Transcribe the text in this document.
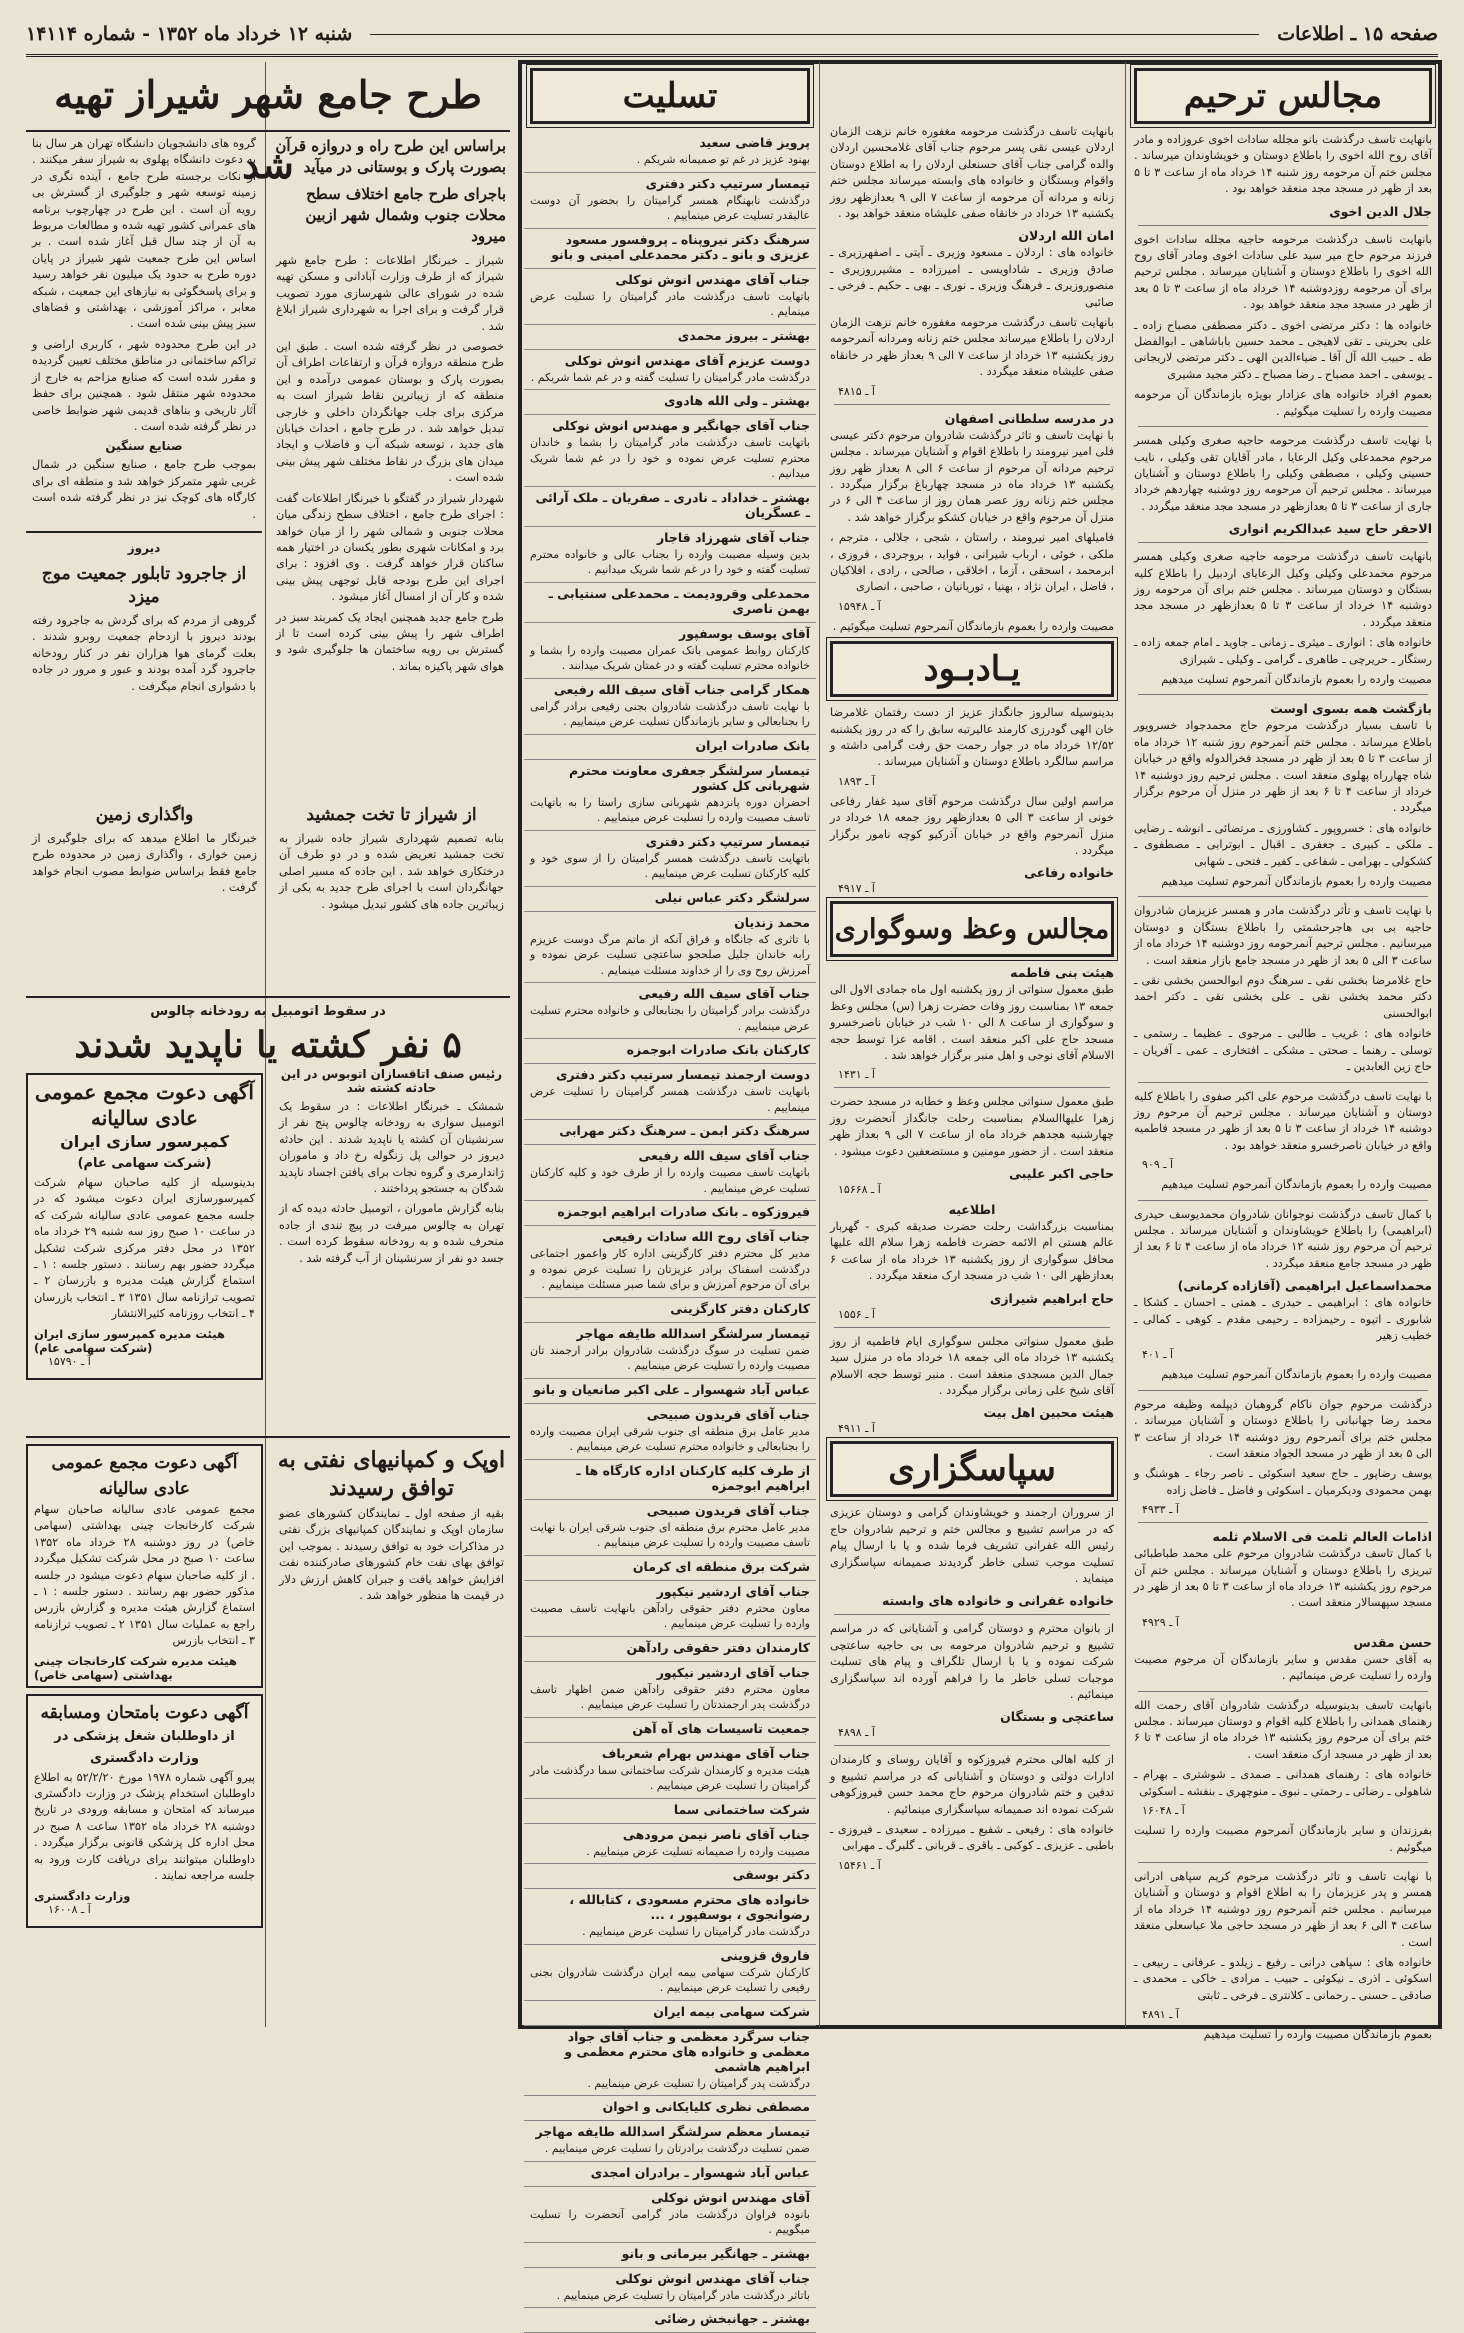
صفحه ۱۵ ـ اطلاعات
شنبه ۱۲ خرداد ماه ۱۳۵۲ - شماره ۱۴۱۱۴
مجالس ترحیم

بانهایت تاسف درگذشت بانو مجلله سادات اخوی عروزاده و مادر آقای روح الله اخوی را باطلاع دوستان و خویشاوندان میرساند . مجلس ختم آن مرحومه روز شنبه ۱۴ خرداد ماه از ساعت ۳ تا ۵ بعد از ظهر در مسجد مجد منعقد خواهد بود .

جلال الدین اخوی

بانهایت تاسف درگذشت مرحومه حاجیه مجلله سادات اخوی فرزند مرحوم حاج میر سید علی سادات اخوی ومادر آقای روح الله اخوی را باطلاع دوستان و آشنایان میرساند . مجلس ترحیم برای آن مرحومه روزدوشنبه ۱۴ خرداد ماه از ساعت ۳ تا ۵ بعد از ظهر در مسجد مجد منعقد خواهد بود .

خانواده ها : دکتر مرتضی اخوی ـ دکتر مصطفی مصباح زاده ـ علی بحرینی ـ تقی لاهیجی ـ محمد حسین باباشاهی ـ ابوالفضل طه ـ حبیب الله آل آقا ـ ضیاءالدین الهی ـ دکتر مرتضی لاریجانی ـ یوسفی ـ احمد مصباح ـ رضا مصباح ـ دکتر مجید مشیری

بعموم افراد خانواده های عزادار بویژه بازماندگان آن مرحومه مصیبت وارده را تسلیت میگوئیم .

با نهایت تاسف درگذشت مرحومه حاجیه صغری وکیلی همسر مرحوم محمدعلی وکیل الرعایا ، مادر آقایان تقی وکیلی ، نایب حسینی وکیلی ، مصطفی وکیلی را باطلاع دوستان و آشنایان میرساند . مجلس ترحیم آن مرحومه روز دوشنبه چهاردهم خرداد جاری از ساعت ۳ تا ۵ بعدازظهر در مسجد مجد منعقد میگردد .

الاحقر حاج سید عبدالکریم انواری

بانهایت تاسف درگذشت مرحومه حاجیه صغری وکیلی همسر مرحوم محمدعلی وکیلی وکیل الرعایای اردبیل را باطلاع کلیه بستگان و دوستان میرساند . مجلس ختم برای آن مرحومه روز دوشنبه ۱۴ خرداد از ساعت ۳ تا ۵ بعدازظهر در مسجد مجد منعقد میگردد .

خانواده های : انواری ـ میثری ـ زمانی ـ جاوید ـ امام جمعه زاده ـ رستگار ـ حریرچی ـ طاهری ـ گرامی ـ وکیلی ـ شیرازی

مصیبت وارده را بعموم بازماندگان آنمرحوم تسلیت میدهیم

بازگشت همه بسوی اوست

با تاسف بسیار درگذشت مرحوم حاج محمدجواد خسروپور باطلاع میرساند . مجلس ختم آنمرحوم روز شنبه ۱۲ خرداد ماه از ساعت ۳ تا ۵ بعد از ظهر در مسجد فخرالدوله واقع در خیابان شاه چهارراه پهلوی منعقد است . مجلس ترحیم روز دوشنبه ۱۴ خرداد از ساعت ۴ تا ۶ بعد از ظهر در منزل آن مرحوم برگزار میگردد .

خانواده های : خسروپور ـ کشاورزی ـ مرتضائی ـ انوشه ـ رضایی ـ ملکی ـ کبیری ـ جعفری ـ اقبال ـ ابوترابی ـ مصطفوی ـ کشکولی ـ بهرامی ـ شفاعی ـ کفیر ـ فتحی ـ شهابی

مصیبت وارده را بعموم بازماندگان آنمرحوم تسلیت میدهیم

با نهایت تاسف و تأثر درگذشت مادر و همسر عزیزمان شادروان حاجیه بی بی هاجرحشمتی را باطلاع بستگان و دوستان میرسانیم . مجلس ترحیم آنمرحومه روز دوشنبه ۱۴ خرداد ماه از ساعت ۳ الی ۵ بعد از ظهر در مسجد جامع بازار منعقد است .

حاج غلامرضا بخشی نقی ـ سرهنگ دوم ابوالحسن بخشی نقی ـ دکتر محمد بخشی نقی ـ علی بخشی نقی ـ دکتر احمد ابوالحسنی

خانواده های : غریب ـ طالبی ـ مرجوی ـ عظیما ـ رستمی ـ توسلی ـ رهنما ـ صحتی ـ مشکی ـ افتخاری ـ عمی ـ آفریان ـ حاج زین العابدین ـ

با نهایت تاسف درگذشت مرحوم علی اکبر صفوی را باطلاع کلیه دوستان و آشنایان میرساند . مجلس ترحیم آن مرحوم روز دوشنبه ۱۴ خرداد از ساعت ۳ تا ۵ بعد از ظهر در مسجد فاطمیه واقع در خیابان ناصرخسرو منعقد خواهد بود .

آ ـ ۹۰۹

مصیبت وارده را بعموم بازماندگان آنمرحوم تسلیت میدهیم

با کمال تاسف درگذشت نوجوانان شادروان محمدیوسف حیدری (ابراهیمی) را باطلاع خویشاوندان و آشنایان میرساند . مجلس ترحیم آن مرحوم روز شنبه ۱۲ خرداد ماه از ساعت ۴ تا ۶ بعد از ظهر در مسجد جامع منعقد میگردد .

محمداسماعیل ابراهیمی (آقازاده کرمانی)

خانواده های : ابراهیمی ـ حیدری ـ همتی ـ احسان ـ کشکا ـ شابوری ـ اتیوه ـ رحیمزاده ـ رحیمی مقدم ـ کوهی ـ کمالی ـ خطیب زهیر

آ ـ ۴۰۱

مصیبت وارده را بعموم بازماندگان آنمرحوم تسلیت میدهیم

درگذشت مرحوم جوان ناکام گروهبان دیپلمه وظیفه مرحوم محمد رضا جهانبانی را باطلاع دوستان و آشنایان میرساند . مجلس ختم برای آنمرحوم روز دوشنبه ۱۴ خرداد از ساعت ۳ الی ۵ بعد از ظهر در مسجد الجواد منعقد است .

یوسف رضاپور ـ حاج سعید اسکوئی ـ ناصر رجاء ـ هوشنگ و بهمن محمودی ودیکرمیان ـ اسکوئی و فاضل ـ فاضل زاده

آ ـ ۴۹۳۳
اذامات العالم ثلمت فی الاسلام ثلمه

با کمال تاسف درگذشت شادروان مرحوم علی محمد طباطبائی تبریزی را باطلاع دوستان و آشنایان میرساند . مجلس ختم آن مرحوم روز یکشنبه ۱۳ خرداد ماه از ساعت ۳ تا ۵ بعد از ظهر در مسجد سپهسالار منعقد است .

آ ـ ۴۹۲۹
حسن مقدس

به آقای حسن مقدس و سایر بازماندگان آن مرحوم مصیبت وارده را تسلیت عرض مینمائیم .

بانهایت تاسف بدینوسیله درگذشت شادروان آقای رحمت الله رهنمای همدانی را باطلاع کلیه اقوام و دوستان میرساند . مجلس ختم برای آن مرحوم روز یکشنبه ۱۳ خرداد ماه از ساعت ۴ تا ۶ بعد از ظهر در مسجد ارک منعقد است .

خانواده های : رهنمای همدانی ـ صمدی ـ شوشتری ـ بهرام ـ شاهولی ـ رضائی ـ رحمتی ـ نبوی ـ منوچهری ـ بنفشه ـ اسکوئی

آ ـ ۱۶۰۴۸

بفرزندان و سایر بازماندگان آنمرحوم مصیبت وارده را تسلیت میگوئیم .

با نهایت تاسف و تاثر درگذشت مرحوم کریم سپاهی ادرانی همسر و پدر عزیزمان را به اطلاع اقوام و دوستان و آشنایان میرسانیم . مجلس ختم آنمرحوم روز دوشنبه ۱۴ خرداد ماه از ساعت ۴ الی ۶ بعد از ظهر در مسجد حاجی ملا عباسعلی منعقد است .

خانواده های : سپاهی درانی ـ رفیع ـ زیلدو ـ عرفانی ـ ربیعی ـ اسکوئی ـ اذری ـ نیکوئی ـ حبیب ـ مرادی ـ خاکی ـ محمدی ـ صادقی ـ حسنی ـ رحمانی ـ کلانتری ـ فرخی ـ ثابتی

آ ـ ۴۸۹۱

بعموم بازماندگان مصیبت وارده را تسلیت میدهیم

بانهایت تاسف درگذشت مرحومه مغفوره خانم نزهت الزمان اردلان عیسی نقی پسر مرحوم جناب آقای غلامحسین اردلان والده گرامی جناب آقای حسنعلی اردلان را به اطلاع دوستان واقوام وبستگان و خانواده های وابسته میرساند مجلس ختم زنانه و مردانه آن مرحومه از ساعت ۷ الی ۹ بعدازظهر روز یکشنبه ۱۳ خرداد در خانقاه صفی علیشاه منعقد خواهد بود .

امان الله اردلان

خانواده های : اردلان ـ مسعود وزیری ـ آیتی ـ اصفهرزیری ـ صادق وزیری ـ شاداویسی ـ امیرزاده ـ مشیرروزیری ـ منصوروزیری ـ فرهنگ وزیری ـ نوری ـ بهی ـ حکیم ـ فرخی ـ صائبی

بانهایت تاسف درگذشت مرحومه مغفوره خانم نزهت الزمان اردلان را باطلاع میرساند مجلس ختم زنانه ومردانه آنمرحومه روز یکشنبه ۱۳ خرداد از ساعت ۷ الی ۹ بعداز ظهر در خانقاه صفی علیشاه منعقد میگردد .

آ ـ ۴۸۱۵
در مدرسه سلطانی اصفهان

با نهایت تاسف و تاثر درگذشت شادروان مرحوم دکتر عیسی فلی امیر نیرومند را باطلاع اقوام و آشنایان میرساند . مجلس ترحیم مردانه آن مرحوم از ساعت ۶ الی ۸ بعداز ظهر روز یکشنبه ۱۳ خرداد ماه در مسجد چهارباغ برگزار میگردد . مجلس ختم زنانه روز عصر همان روز از ساعت ۴ الی ۶ در منزل آن مرحوم واقع در خیابان کشکو برگزار خواهد شد .

فامیلهای امیر نیرومند ، راستان ، شجی ، جلالی ، مترجم ، ملکی ، خوئی ، ارباب شیرانی ، فواید ، بروجردی ، فروزی ، ابرمحمد ، اسحقی ، آزما ، اخلاقی ، صالحی ، رادی ، افلاکیان ، فاضل ، ایران نژاد ، بهنیا ، توریانیان ، صاحبی ، انصاری

آ ـ ۱۵۹۴۸

مصیبت وارده را بعموم بازماندگان آنمرحوم تسلیت میگوئیم .

یـادبـود

بدینوسیله سالروز جانگداز عزیز از دست رفتمان غلامرضا خان الهی گودرزی کارمند عالیرتبه سابق را که در روز یکشنبه ۱۲/۵۲ خرداد ماه در جوار رحمت حق رفت گرامی داشته و مراسم سالگرد باطلاع دوستان و آشنایان میرساند .

آ ـ ۱۸۹۳

مراسم اولین سال درگذشت مرحوم آقای سید غفار رفاعی خونی از ساعت ۳ الی ۵ بعدازظهر روز جمعه ۱۸ خرداد در منزل آنمرحوم واقع در خیابان آذرکیو کوچه نامور برگزار میگردد .

خانواده رفاعی
آ ـ ۴۹۱۷
مجالس وعظ وسوگواری
هیئت بنی فاطمه

طبق معمول سنواتی از روز یکشنبه اول ماه جمادی الاول الی جمعه ۱۳ بمناسبت روز وفات حضرت زهرا (س) مجلس وعظ و سوگواری از ساعت ۸ الی ۱۰ شب در خیابان ناصرخسرو مسجد حاج علی اکبر منعقد است . اقامه عزا توسط حجه الاسلام آقای نوحی و اهل منبر برگزار خواهد شد .

آ ـ ۱۴۳۱

طبق معمول سنواتی مجلس وعظ و خطابه در مسجد حضرت زهرا علیهاالسلام بمناسبت رحلت جانگداز آنحضرت روز چهارشنبه هجدهم خرداد ماه از ساعت ۷ الی ۹ بعداز ظهر منعقد است . از حضور مومنین و مستضعفین دعوت میشود .

حاجی اکبر علیبی
آ ـ ۱۵۶۶۸
اطلاعیه

بمناسبت بزرگداشت رحلت حضرت صدیقه کبری - گهربار عالم هستی ام الائمه حضرت فاطمه زهرا سلام الله علیها محافل سوگواری از روز یکشنبه ۱۳ خرداد ماه از ساعت ۶ بعدازظهر الی ۱۰ شب در مسجد ارک منعقد میگردد .

حاج ابراهیم شیرازی
آ ـ ۱۵۵۶

طبق معمول سنواتی مجلس سوگواری ایام فاطمیه از روز یکشنبه ۱۳ خرداد ماه الی جمعه ۱۸ خرداد ماه در منزل سید جمال الدین مسجدی منعقد است . منبر توسط حجه الاسلام آقای شیخ علی زمانی برگزار میگردد .

هیئت محبین اهل بیت
آ ـ ۴۹۱۱
سپاسگزاری

از سروران ارجمند و خویشاوندان گرامی و دوستان عزیزی که در مراسم تشییع و مجالس ختم و ترحیم شادروان حاج رئیس الله غفرانی تشریف فرما شده و یا با ارسال پیام تسلیت موجب تسلی خاطر گردیدند صمیمانه سپاسگزاری مینماید .

خانواده غفرانی و خانواده های وابسته

از بانوان محترم و دوستان گرامی و آشنایانی که در مراسم تشییع و ترحیم شادروان مرحومه بی بی حاجیه ساعتچی شرکت نموده و یا با ارسال تلگراف و پیام های تسلیت موجبات تسلی خاطر ما را فراهم آورده اند سپاسگزاری مینمائیم .

ساعتچی و بستگان
آ ـ ۴۸۹۸

از کلیه اهالی محترم فیروزکوه و آقایان روسای و کارمندان ادارات دولتی و دوستان و آشنایانی که در مراسم تشییع و تدفین و ختم شادروان مرحوم حاج محمد حسن فیروزکوهی شرکت نموده اند صمیمانه سپاسگزاری مینمائیم .

خانواده های : رفیعی ـ شفیع ـ میرزاده ـ سعیدی ـ فیروزی ـ باطبی ـ عزیزی ـ کوکبی ـ باقری ـ قربانی ـ گلبرگ ـ مهرابی

آ ـ ۱۵۴۶۱
تسلیت
پرویز قاضی سعید
بهنود عزیز در غم تو صمیمانه شریکم .
تیمسار سرتیپ دکتر دفتری
درگذشت نابهنگام همسر گرامیتان را بحضور آن دوست عالیقدر تسلیت عرض مینماییم .
سرهنگ دکتر نیروپناه ـ پروفسور مسعود عزیزی و بانو ـ دکتر محمدعلی امینی و بانو
جناب آقای مهندس انوش نوکلی
باتهایت تاسف درگذشت مادر گرامیتان را تسلیت عرض مینمایم .
بهشتر ـ بیروز محمدی
دوست عزیزم آقای مهندس انوش نوکلی
درگذشت مادر گرامیتان را تسلیت گفته و در غم شما شریکم .
بهشتر ـ ولی الله هادوی
جناب آقای جهانگیر و مهندس انوش نوکلی
باتهایت تاسف درگذشت مادر گرامیتان را بشما و خاندان محترم تسلیت عرض نموده و خود را در غم شما شریک میدانیم .
بهشتر ـ خداداد ـ نادری ـ صفریان ـ ملک آرائی ـ عسگریان
جناب آقای شهرزاد قاجار
بدین وسیله مصیبت وارده را بجناب عالی و خانواده محترم تسلیت گفته و خود را در غم شما شریک میدانیم .
محمدعلی وقرودیمت ـ محمدعلی سنتیابی ـ بهمن ناصری
آقای یوسف بوسفپور
کارکنان روابط عمومی بانک عمران مصیبت وارده را بشما و خانواده محترم تسلیت گفته و در غمتان شریک میدانند .
همکار گرامی جناب آقای سیف الله رفیعی
با نهایت تاسف درگذشت شادروان بجنی رفیعی برادر گرامی را بجنابعالی و سایر بازماندگان تسلیت عرض مینماییم .
بانک صادرات ایران
تیمسار سرلشگر جعفری معاونت محترم شهربانی کل کشور
احضران دوره پانزدهم شهربانی سازی راستا را به باتهایت تاسف مصیبت وارده را تسلیت عرض مینماییم .
تیمسار سرتیپ دکتر دفتری
باتهایت تاسف درگذشت همسر گرامیتان را از سوی خود و کلیه کارکنان تسلیت عرض مینماییم .
سرلشگر دکتر عباس نیلی
محمد زندیان
با تاثری که جانگاه و فراق آنکه از ماتم مرگ دوست عزیزم رابه خاندان جلیل صلحجو ساعتچی تسلیت عرض نموده و آمرزش روح وی را از خداوند مسئلت مینمایم .
جناب آقای سیف الله رفیعی
درگذشت برادر گرامیتان را بجنابعالی و خانواده محترم تسلیت عرض مینماییم .
کارکنان بانک صادرات ابوجمزه
دوست ارجمند تیمسار سرتیپ دکتر دفتری
بانهایت تاسف درگذشت همسر گرامیتان را تسلیت عرض مینماییم .
سرهنگ دکتر ابمن ـ سرهنگ دکتر مهرابی
جناب آقای سیف الله رفیعی
باتهایت تاسف مصیبت وارده را از طرف خود و کلیه کارکنان تسلیت عرض مینماییم .
فیروزکوه ـ بانک صادرات ابراهیم ابوجمزه
جناب آقای روح الله سادات رفیعی
مدیر کل محترم دفتر کارگزینی اداره کار واعمور اجتماعی درگذشت اسفناک برادر عزیزتان را تسلیت عرض نموده و برای آن مرحوم آمرزش و برای شما صبر مسئلت مینماییم .
کارکنان دفتر کارگزینی
تیمسار سرلشگر اسدالله طایفه مهاجر
ضمن تسلیت در سوگ درگذشت شادروان برادر ارجمند تان مصیبت وارده را تسلیت عرض مینماییم .
عباس آباد شهسوار ـ علی اکبر صانعیان و بانو
جناب آقای فریدون صبیحی
مدیر عامل برق منطقه ای جنوب شرقی ایران مصیبت وارده را بجنابعالی و خانواده محترم تسلیت عرض مینماییم .
از طرف کلیه کارکنان اداره کارگاه ها ـ ابراهیم ابوجمزه
جناب آقای فریدون صبیحی
مدیر عامل محترم برق منطقه ای جنوب شرقی ایران با نهایت تاسف مصیبت وارده را تسلیت عرض مینماییم .
شرکت برق منطقه ای کرمان
جناب آقای اردشیر نیکپور
معاون محترم دفتر حقوقی رادآهن بانهایت تاسف مصیبت وارده را تسلیت عرض مینماییم .
کارمندان دفتر حقوقی رادآهن
جناب آقای اردشیر نیکپور
معاون محترم دفتر حقوقی رادآهن ضمن اظهار تاسف درگذشت پدر ارجمندتان را تسلیت عرض مینماییم .
جمعیت تاسیسات های آه آهن
جناب آقای مهندس بهرام شعرباف
هیئت مدیره و کارمندان شرکت ساختمانی سما درگذشت مادر گرامیتان را تسلیت عرض مینماییم .
شرکت ساختمانی سما
جناب آقای ناصر نیمن مرودهی
مصیبت وارده را صمیمانه تسلیت عرض مینماییم .
دکتر بوسفی
خانواده های محترم مسعودی ، کتابالله ، رضوانجوی ، بوسفپور ، ...
درگذشت مادر گرامیتان را تسلیت عرض مینماییم .
فاروق قزوینی
کارکنان شرکت سهامی بیمه ایران درگذشت شادروان بجنی رفیعی را تسلیت عرض مینماییم .
شرکت سهامی بیمه ایران
جناب سرگرد معظمی و جناب آقای جواد معظمی و خانواده های محترم معظمی و ابراهیم هاشمی
درگذشت پدر گرامیتان را تسلیت عرض مینماییم .
مصطفی نظری کلیایکانی و اخوان
تیمسار معظم سرلشگر اسدالله طایفه مهاجر
ضمن تسلیت درگذشت برادرتان را تسلیت عرض مینماییم .
عباس آباد شهسوار ـ برادران امجدی
آقای مهندس انوش نوکلی
بانوده فراوان درگذشت مادر گرامی آنحضرت را تسلیت میگوییم .
بهشتر ـ جهانگیر بیرمانی و بانو
جناب آقای مهندس انوش نوکلی
باتاثر درگذشت مادر گرامیتان را تسلیت عرض مینماییم .
بهشتر ـ جهانبخش رضائی
طرح جامع شهر شیراز تهیه شد
براساس این طرح راه و دروازه قرآن بصورت پارک و بوستانی در میآید
باجرای طرح جامع اختلاف سطح محلات جنوب وشمال شهر ازبین میرود

شیراز ـ خبرنگار اطلاعات : طرح جامع شهر شیراز که از طرف وزارت آبادانی و مسکن تهیه شده در شورای عالی شهرسازی مورد تصویب قرار گرفت و برای اجرا به شهرداری شیراز ابلاغ شد .

خصوصی در نظر گرفته شده است . طبق این طرح منطقه دروازه قرآن و ارتفاعات اطراف آن بصورت پارک و بوستان عمومی درآمده و این منطقه که از زیباترین نقاط شیراز است به مرکزی برای جلب جهانگردان داخلی و خارجی تبدیل خواهد شد . در طرح جامع ، احداث خیابان های جدید ، توسعه شبکه آب و فاضلاب و ایجاد میدان های بزرگ در نقاط مختلف شهر پیش بینی شده است .

شهردار شیراز در گفتگو با خبرنگار اطلاعات گفت : اجرای طرح جامع ، اختلاف سطح زندگی میان محلات جنوبی و شمالی شهر را از میان خواهد برد و امکانات شهری بطور یکسان در اختیار همه ساکنان قرار خواهد گرفت . وی افزود : برای اجرای این طرح بودجه قابل توجهی پیش بینی شده و کار آن از امسال آغاز میشود .

طرح جامع جدید همچنین ایجاد یک کمربند سبز در اطراف شهر را پیش بینی کرده است تا از گسترش بی رویه ساختمان ها جلوگیری شود و هوای شهر پاکیزه بماند .

گروه های دانشجویان دانشگاه تهران هر سال بنا به دعوت دانشگاه پهلوی به شیراز سفر میکنند . از نکات برجسته طرح جامع ، آینده نگری در زمینه توسعه شهر و جلوگیری از گسترش بی رویه آن است . این طرح در چهارچوب برنامه های عمرانی کشور تهیه شده و مطالعات مربوط به آن از چند سال قبل آغاز شده است . بر اساس این طرح جمعیت شهر شیراز در پایان دوره طرح به حدود یک میلیون نفر خواهد رسید و برای پاسخگوئی به نیازهای این جمعیت ، شبکه معابر ، مراکز آموزشی ، بهداشتی و فضاهای سبز پیش بینی شده است .

در این طرح محدوده شهر ، کاربری اراضی و تراکم ساختمانی در مناطق مختلف تعیین گردیده و مقرر شده است که صنایع مزاحم به خارج از محدوده شهر منتقل شود . همچنین برای حفظ آثار تاریخی و بناهای قدیمی شهر ضوابط خاصی در نظر گرفته شده است .

صنایع سنگین

بموجب طرح جامع ، صنایع سنگین در شمال غربی شهر متمرکز خواهد شد و منطقه ای برای کارگاه های کوچک نیز در نظر گرفته شده است .

دیروز
از جاجرود تابلور جمعیت موج میزد

گروهی از مردم که برای گردش به جاجرود رفته بودند دیروز با ازدحام جمعیت روبرو شدند . بعلت گرمای هوا هزاران نفر در کنار رودخانه جاجرود گرد آمده بودند و عبور و مرور در جاده با دشواری انجام میگرفت .

از شیراز تا تخت جمشید

بنابه تصمیم شهرداری شیراز جاده شیراز به تخت جمشید تعریض شده و در دو طرف آن درختکاری خواهد شد . این جاده که مسیر اصلی جهانگردان است با اجرای طرح جدید به یکی از زیباترین جاده های کشور تبدیل میشود .

واگذاری زمین

خبرنگار ما اطلاع میدهد که برای جلوگیری از زمین خواری ، واگذاری زمین در محدوده طرح جامع فقط براساس ضوابط مصوب انجام خواهد گرفت .

در سقوط اتومبیل به رودخانه چالوس
۵ نفر کشته یا ناپدید شدند
رئیس صنف اتاقسازان اتوبوس در این حادثه کشته شد

شمشک ـ خبرنگار اطلاعات : در سقوط یک اتومبیل سواری به رودخانه چالوس پنج نفر از سرنشینان آن کشته یا ناپدید شدند . این حادثه دیروز در حوالی پل زنگوله رخ داد و ماموران ژاندارمری و گروه نجات برای یافتن اجساد ناپدید شدگان به جستجو پرداختند .

بنابه گزارش ماموران ، اتومبیل حادثه دیده که از تهران به چالوس میرفت در پیچ تندی از جاده منحرف شده و به رودخانه سقوط کرده است . جسد دو نفر از سرنشینان از آب گرفته شد .

آگهی دعوت مجمع عمومی عادی سالیانه
کمپرسور سازی ایران
(شرکت سهامی عام)

بدینوسیله از کلیه صاحبان سهام شرکت کمپرسورسازی ایران دعوت میشود که در جلسه مجمع عمومی عادی سالیانه شرکت که در ساعت ۱۰ صبح روز سه شنبه ۲۹ خرداد ماه ۱۳۵۲ در محل دفتر مرکزی شرکت تشکیل میگردد حضور بهم رسانند . دستور جلسه : ۱ ـ استماع گزارش هیئت مدیره و بازرسان ۲ ـ تصویب ترازنامه سال ۱۳۵۱ ۳ ـ انتخاب بازرسان ۴ ـ انتخاب روزنامه کثیرالانتشار

هیئت مدیره کمپرسور سازی ایران (شرکت سهامی عام)
آ ـ ۱۵۷۹۰
اوپک و کمپانیهای نفتی به توافق رسیدند

بقیه از صفحه اول ـ نمایندگان کشورهای عضو سازمان اوپک و نمایندگان کمپانیهای بزرگ نفتی در مذاکرات خود به توافق رسیدند . بموجب این توافق بهای نفت خام کشورهای صادرکننده نفت افزایش خواهد یافت و جبران کاهش ارزش دلار در قیمت ها منظور خواهد شد .

آگهی دعوت مجمع عمومی عادی سالیانه

مجمع عمومی عادی سالیانه صاحبان سهام شرکت کارخانجات چینی بهداشتی (سهامی خاص) در روز دوشنبه ۲۸ خرداد ماه ۱۳۵۲ ساعت ۱۰ صبح در محل شرکت تشکیل میگردد . از کلیه صاحبان سهام دعوت میشود در جلسه مذکور حضور بهم رسانند . دستور جلسه : ۱ ـ استماع گزارش هیئت مدیره و گزارش بازرس راجع به عملیات سال ۱۳۵۱ ۲ ـ تصویب ترازنامه ۳ ـ انتخاب بازرس

هیئت مدیره شرکت کارخانجات چینی بهداشتی (سهامی خاص)
آگهی دعوت بامتحان ومسابقه
از داوطلبان شغل پزشکی در وزارت دادگستری

پیرو آگهی شماره ۱۹۷۸ مورخ ۵۲/۲/۲۰ به اطلاع داوطلبان استخدام پزشک در وزارت دادگستری میرساند که امتحان و مسابقه ورودی در تاریخ دوشنبه ۲۸ خرداد ماه ۱۳۵۲ ساعت ۸ صبح در محل اداره کل پزشکی قانونی برگزار میگردد . داوطلبان میتوانند برای دریافت کارت ورود به جلسه مراجعه نمایند .

وزارت دادگستری
آ ـ ۱۶۰۰۸
